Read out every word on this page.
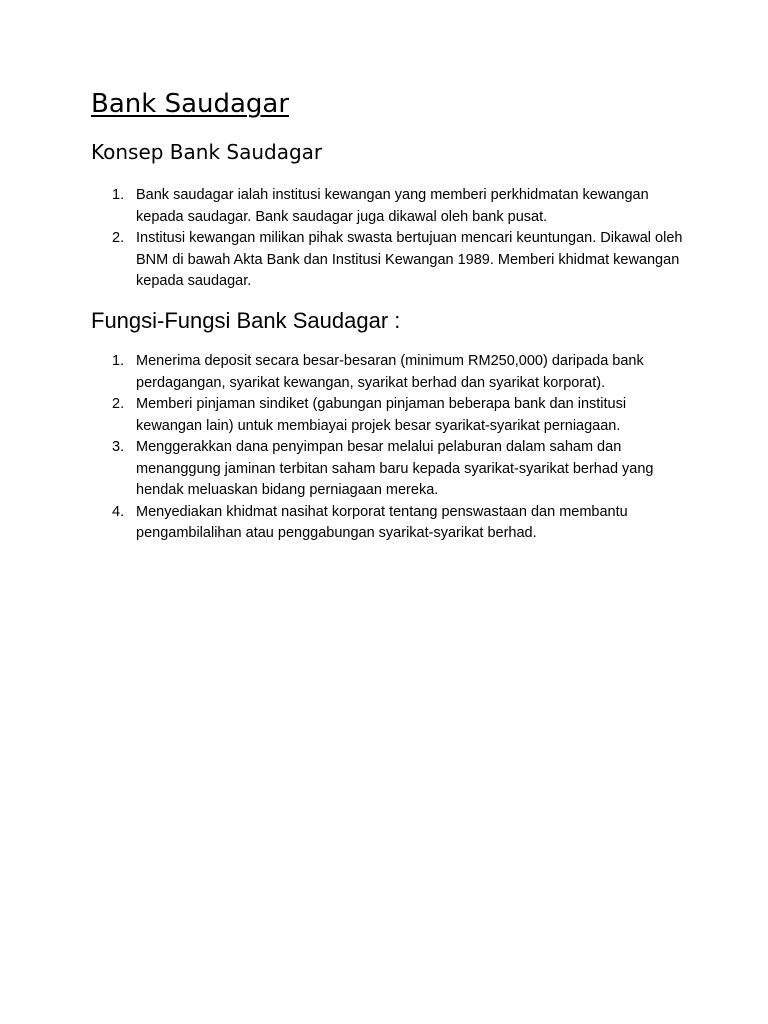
Bank Saudagar
Konsep Bank Saudagar
1. Bank saudagar ialah institusi kewangan yang memberi perkhidmatan kewangan kepada saudagar. Bank saudagar juga dikawal oleh bank pusat.
2. Institusi kewangan milikan pihak swasta bertujuan mencari keuntungan. Dikawal oleh BNM di bawah Akta Bank dan Institusi Kewangan 1989. Memberi khidmat kewangan kepada saudagar.
Fungsi-Fungsi Bank Saudagar :
1. Menerima deposit secara besar-besaran (minimum RM250,000) daripada bank perdagangan, syarikat kewangan, syarikat berhad dan syarikat korporat).
2. Memberi pinjaman sindiket (gabungan pinjaman beberapa bank dan institusi kewangan lain) untuk membiayai projek besar syarikat-syarikat perniagaan.
3. Menggerakkan dana penyimpan besar melalui pelaburan dalam saham dan menanggung jaminan terbitan saham baru kepada syarikat-syarikat berhad yang hendak meluaskan bidang perniagaan mereka.
4. Menyediakan khidmat nasihat korporat tentang penswastaan dan membantu pengambilalihan atau penggabungan syarikat-syarikat berhad.
